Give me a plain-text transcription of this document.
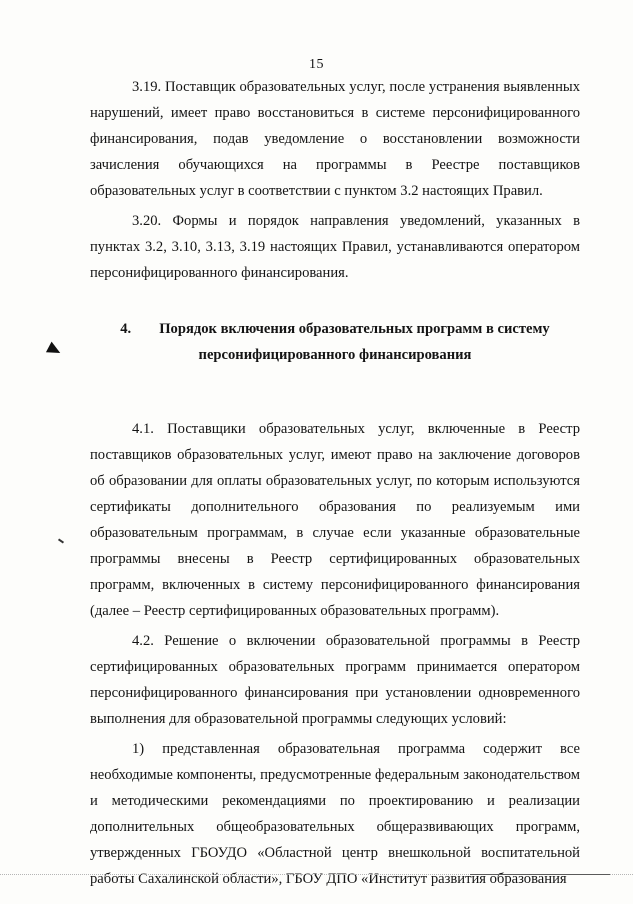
15

3.19. Поставщик образовательных услуг, после устранения выявленных нарушений, имеет право восстановиться в системе персонифицированного финансирования, подав уведомление о восстановлении возможности зачисления обучающихся на программы в Реестре поставщиков образовательных услуг в соответствии с пунктом 3.2 настоящих Правил.

3.20. Формы и порядок направления уведомлений, указанных в пунктах 3.2, 3.10, 3.13, 3.19 настоящих Правил, устанавливаются оператором персонифицированного финансирования.

4. Порядок включения образовательных программ в систему персонифицированного финансирования

4.1. Поставщики образовательных услуг, включенные в Реестр поставщиков образовательных услуг, имеют право на заключение договоров об образовании для оплаты образовательных услуг, по которым используются сертификаты дополнительного образования по реализуемым ими образовательным программам, в случае если указанные образовательные программы внесены в Реестр сертифицированных образовательных программ, включенных в систему персонифицированного финансирования (далее – Реестр сертифицированных образовательных программ).

4.2. Решение о включении образовательной программы в Реестр сертифицированных образовательных программ принимается оператором персонифицированного финансирования при установлении одновременного выполнения для образовательной программы следующих условий:

1) представленная образовательная программа содержит все необходимые компоненты, предусмотренные федеральным законодательством и методическими рекомендациями по проектированию и реализации дополнительных общеобразовательных общеразвивающих программ, утвержденных ГБОУДО «Областной центр внешкольной воспитательной работы Сахалинской области», ГБОУ ДПО «Институт развития образования
